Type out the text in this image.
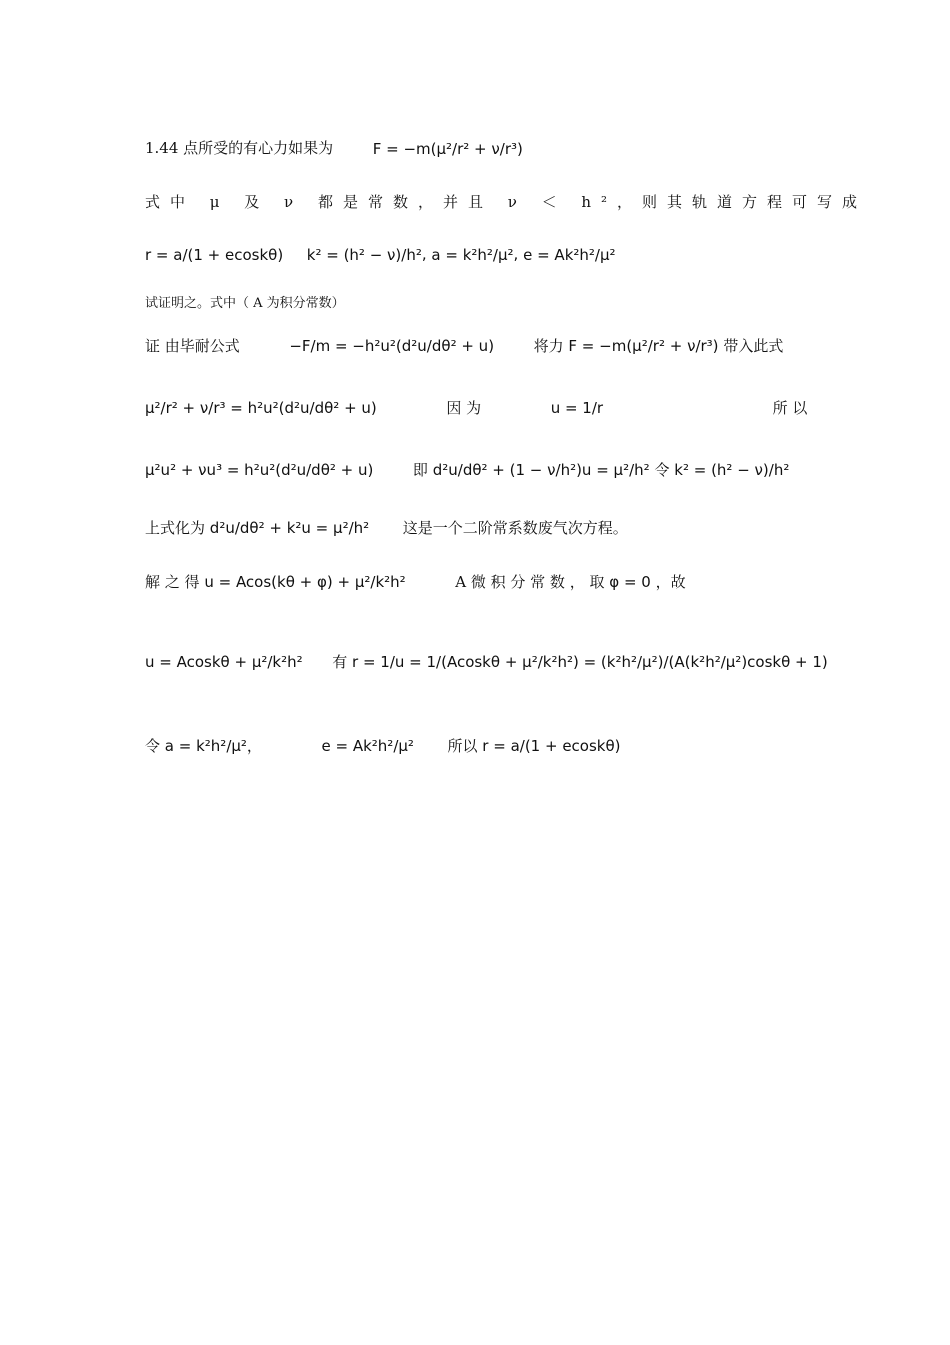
1.44 点所受的有心力如果为	F = −m(μ²/r² + ν/r³)
式中 μ 及 ν 都是常数，并且 ν ＜ h²，则其轨道方程可写成
r = a/(1 + ecoskθ) k² = (h² − ν)/h², a = k²h²/μ², e = Ak²h²/μ²
试证明之。式中（ A 为积分常数）
证 由毕耐公式	−F/m = −h²u²(d²u/dθ² + u)	将力 F = −m(μ²/r² + ν/r³) 带入此式
μ²/r² + ν/r³ = h²u²(d²u/dθ² + u)	因 为	u = 1/r	所 以
μ²u² + νu³ = h²u²(d²u/dθ² + u)	即 d²u/dθ² + (1 − ν/h²)u = μ²/h² 令 k² = (h² − ν)/h²
上式化为 d²u/dθ² + k²u = μ²/h² 这是一个二阶常系数废气次方程。
解 之 得 u = Acos(kθ + φ) + μ²/k²h²	A 微 积 分 常 数 ， 取 φ = 0 ，故
u = Acoskθ + μ²/k²h² 有 r = 1/u = 1/(Acoskθ + μ²/k²h²) = (k²h²/μ²)/(A(k²h²/μ²)coskθ + 1)
令 a = k²h²/μ²，	e = Ak²h²/μ² 所以 r = a/(1 + ecoskθ)
